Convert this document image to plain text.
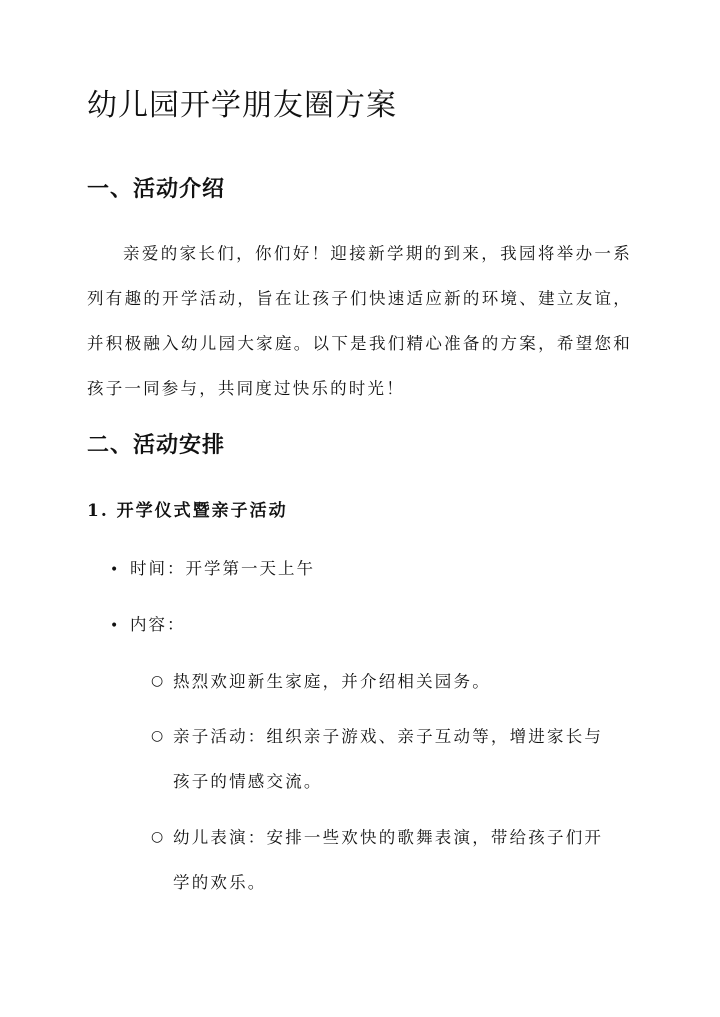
幼儿园开学朋友圈方案
一、活动介绍

亲爱的家长们，你们好！迎接新学期的到来，我园将举办一系列有趣的开学活动，旨在让孩子们快速适应新的环境、建立友谊，并积极融入幼儿园大家庭。以下是我们精心准备的方案，希望您和孩子一同参与，共同度过快乐的时光！

二、活动安排
1. 开学仪式暨亲子活动
• 时间：开学第一天上午
• 内容：
○ 热烈欢迎新生家庭，并介绍相关园务。
○ 亲子活动：组织亲子游戏、亲子互动等，增进家长与孩子的情感交流。
○ 幼儿表演：安排一些欢快的歌舞表演，带给孩子们开学的欢乐。
